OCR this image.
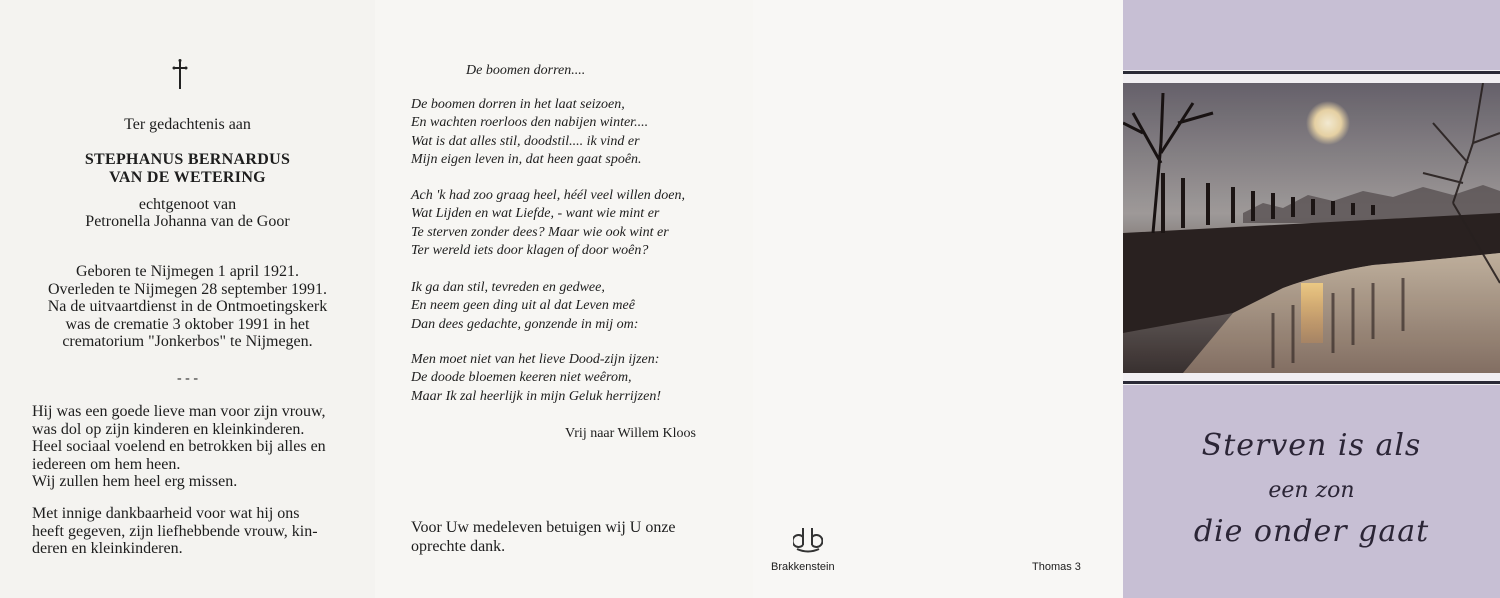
Ter gedachtenis aan
STEPHANUS BERNARDUS
VAN DE WETERING
echtgenoot van
Petronella Johanna van de Goor
Geboren te Nijmegen 1 april 1921.
Overleden te Nijmegen 28 september 1991.
Na de uitvaartdienst in de Ontmoetingskerk
was de crematie 3 oktober 1991 in het
crematorium "Jonkerbos" te Nijmegen.
- - -
Hij was een goede lieve man voor zijn vrouw,
was dol op zijn kinderen en kleinkinderen.
Heel sociaal voelend en betrokken bij alles en
iedereen om hem heen.
Wij zullen hem heel erg missen.
Met innige dankbaarheid voor wat hij ons
heeft gegeven, zijn liefhebbende vrouw, kin-
deren en kleinkinderen.
De boomen dorren....
De boomen dorren in het laat seizoen,
En wachten roerloos den nabijen winter....
Wat is dat alles stil, doodstil.... ik vind er
Mijn eigen leven in, dat heen gaat spoên.
Ach 'k had zoo graag heel, héél veel willen doen,
Wat Lijden en wat Liefde, - want wie mint er
Te sterven zonder dees? Maar wie ook wint er
Ter wereld iets door klagen of door woên?
Ik ga dan stil, tevreden en gedwee,
En neem geen ding uit al dat Leven meê
Dan dees gedachte, gonzende in mij om:
Men moet niet van het lieve Dood-zijn ijzen:
De doode bloemen keeren niet weêrom,
Maar Ik zal heerlijk in mijn Geluk herrijzen!
Vrij naar Willem Kloos
Voor Uw medeleven betuigen wij U onze
oprechte dank.
Brakkenstein	Thomas 3
Sterven is als
een zon
die onder gaat
